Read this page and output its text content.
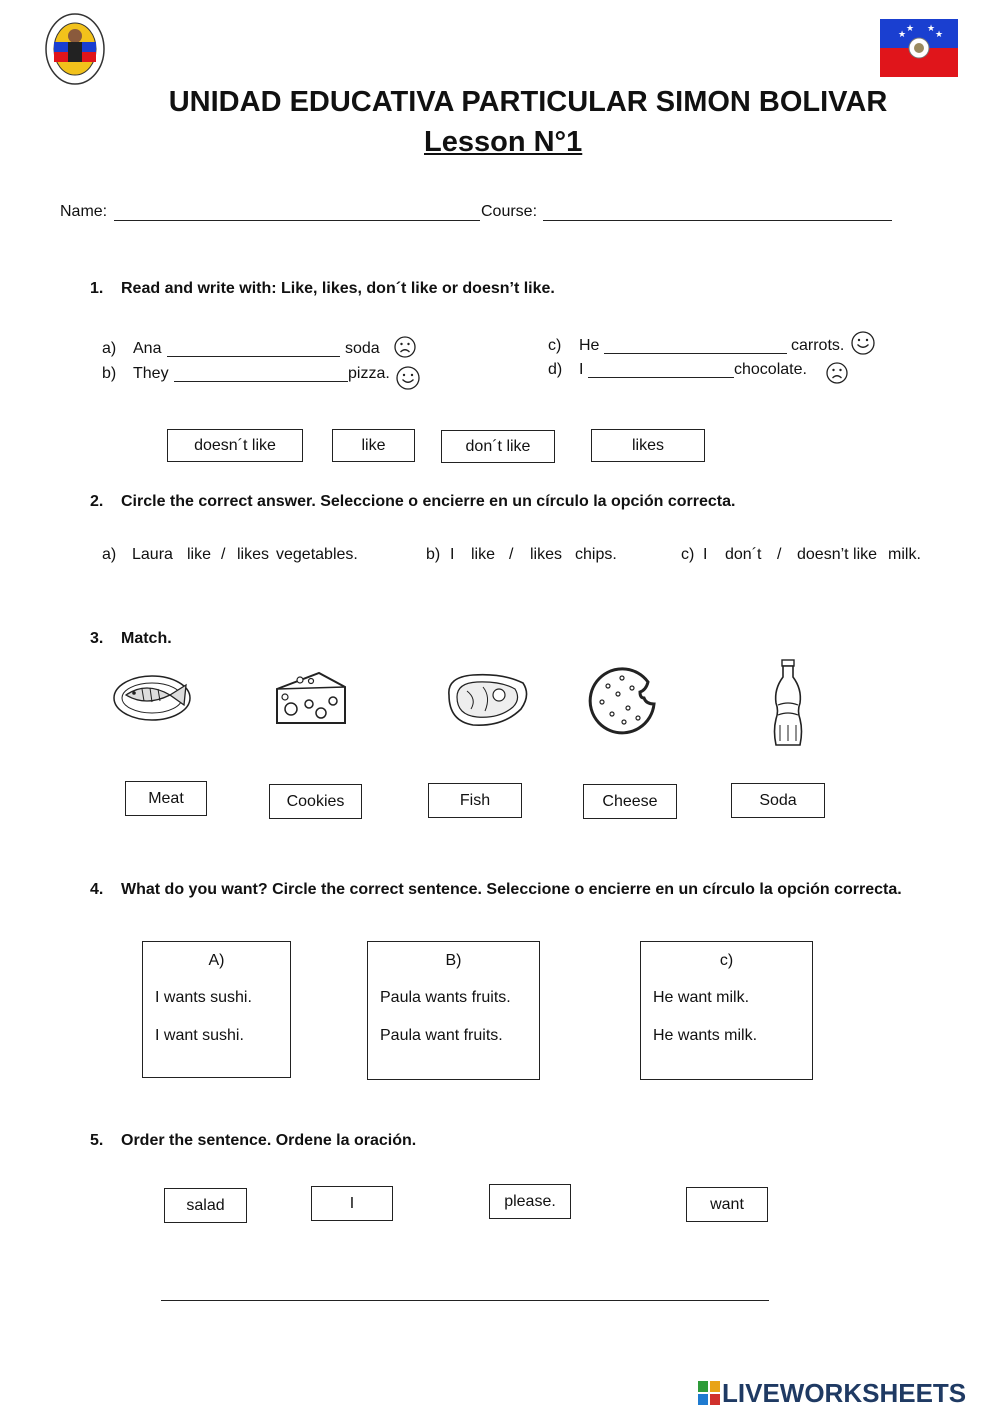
★
★ ★
★
UNIDAD EDUCATIVA PARTICULAR SIMON BOLIVAR
Lesson N°1
Name:	Course:
1. Read and write with: Like, likes, don´t like or doesn’t like.
a) Ana	soda
b) They	pizza.
c) He	carrots.
d) I	chocolate.
doesn´t like	like	don´t like	likes
2. Circle the correct answer. Seleccione o encierre en un círculo la opción correcta.
a) Laura like / likes vegetables.	b) I like / likes chips.	c) I don´t / doesn’t like milk.
3. Match.
Meat	Cookies	Fish	Cheese	Soda
4. What do you want? Circle the correct sentence. Seleccione o encierre en un círculo la opción correcta.
A)
I wants sushi.
I want sushi.
B)
Paula wants fruits.
Paula want fruits.
c)
He want milk.
He wants milk.
5. Order the sentence. Ordene la oración.
salad	I	please.	want
LIVEWORKSHEETS
